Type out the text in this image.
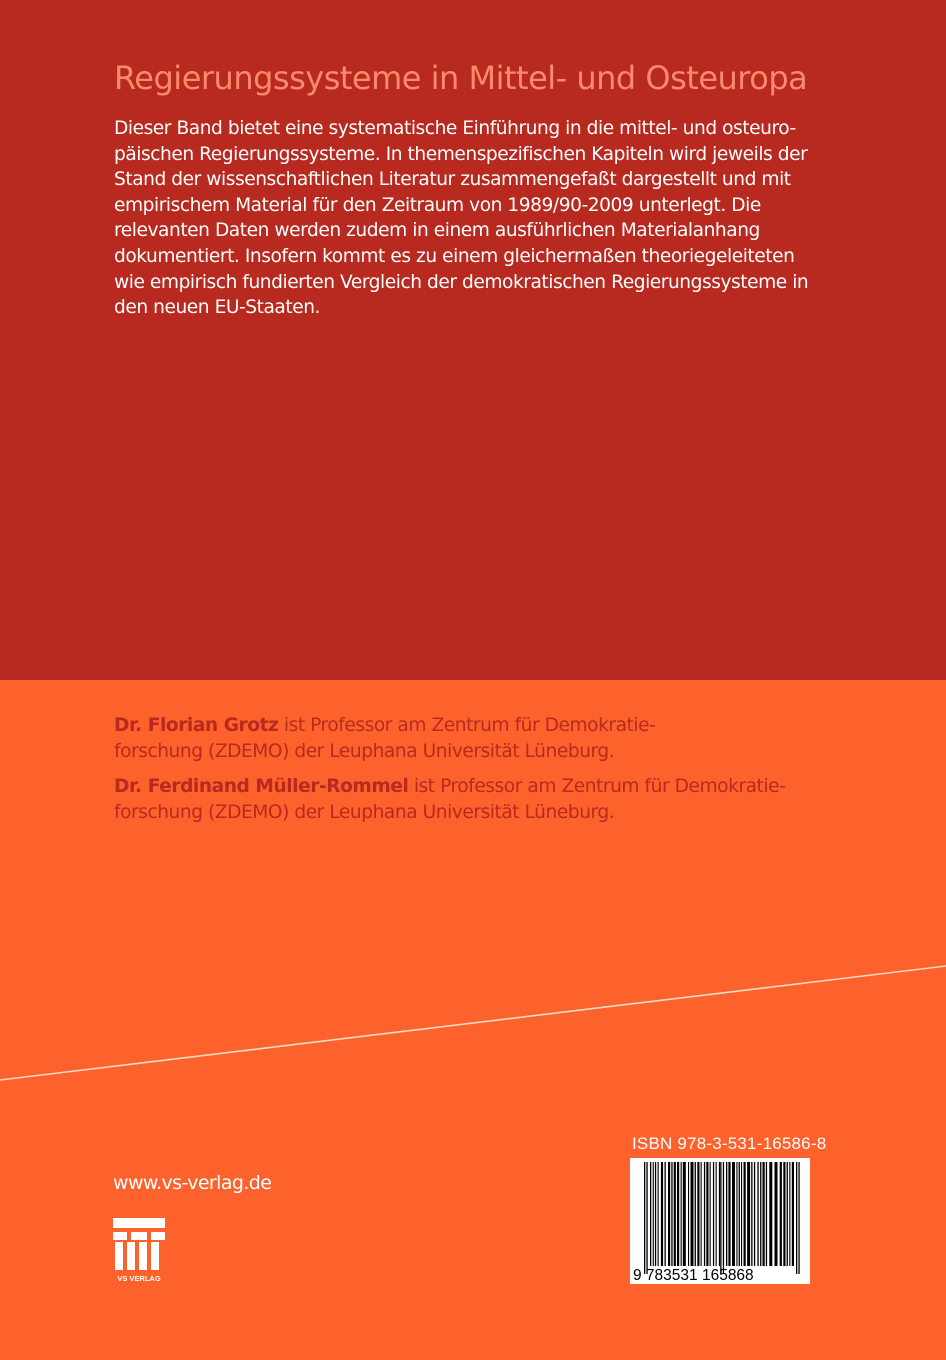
Regierungssysteme in Mittel- und Osteuropa
Dieser Band bietet eine systematische Einführung in die mittel- und osteuro-
päischen Regierungssysteme. In themenspezifischen Kapiteln wird jeweils der
Stand der wissenschaftlichen Literatur zusammengefaßt dargestellt und mit
empirischem Material für den Zeitraum von 1989/90-2009 unterlegt. Die
relevanten Daten werden zudem in einem ausführlichen Materialanhang
dokumentiert. Insofern kommt es zu einem gleichermaßen theoriegeleiteten
wie empirisch fundierten Vergleich der demokratischen Regierungssysteme in
den neuen EU-Staaten.
Dr. Florian Grotz ist Professor am Zentrum für Demokratie-
forschung (ZDEMO) der Leuphana Universität Lüneburg.
Dr. Ferdinand Müller-Rommel ist Professor am Zentrum für Demokratie-
forschung (ZDEMO) der Leuphana Universität Lüneburg.
www.vs-verlag.de
VS VERLAG
ISBN 978-3-531-16586-8
9 783531 165868
